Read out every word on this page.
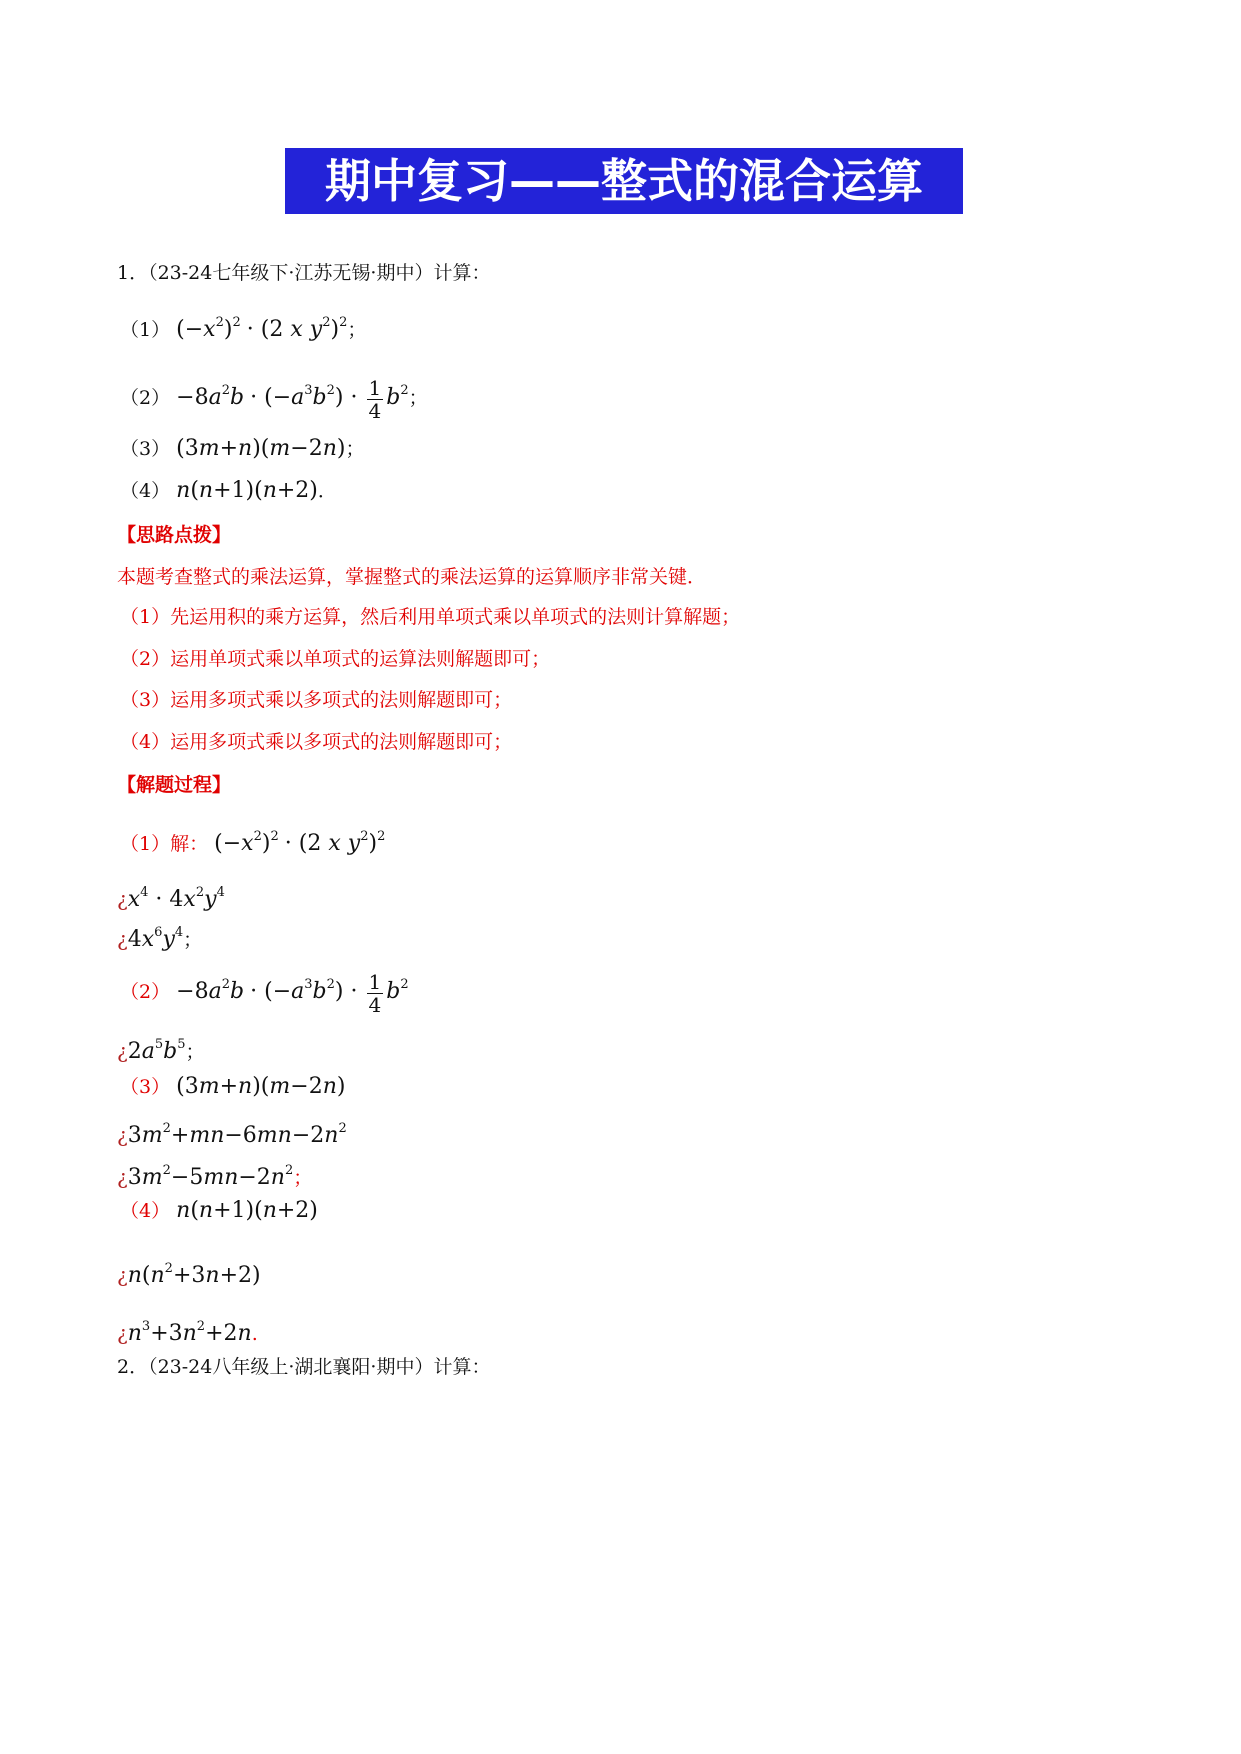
期中复习——整式的混合运算
1．（23-24七年级下·江苏无锡·期中）计算：
（1） $(-x^2)^2 \cdot (2$ x $y^2)^2$；
$(2) -8a^2b \cdot (-a^3b^2) \cdot \frac{1}{4} b^2$；
（3） (3m+n)(m−2n)；
（4） n(n+1)(n+2)．
【思路点拨】
本题考查整式的乘法运算，掌握整式的乘法运算的运算顺序非常关键．
（1）先运用积的乘方运算，然后利用单项式乘以单项式的法则计算解题；
（2）运用单项式乘以单项式的运算法则解题即可；
（3）运用多项式乘以多项式的法则解题即可；
（4）运用多项式乘以多项式的法则解题即可；
【解题过程】
（1）解： $(-x^2)^2 \cdot (2$ x $y^2)^2$
¿$x^4 \cdot 4x^2y^4$
¿$4x^6y^4$；
$(2) -8a^2b \cdot (-a^3b^2) \cdot \frac{1}{4} b^2$
¿$2a^5b^5$；
（3） (3m+n)(m−2n)
¿$3m^2+mn-6mn-2n^2$
¿$3m^2-5mn-2n^2$；
（4） n(n+1)(n+2)
¿$n(n^2+3n+2)$
¿$n^3+3n^2+2n$.
2．（23-24八年级上·湖北襄阳·期中）计算：
